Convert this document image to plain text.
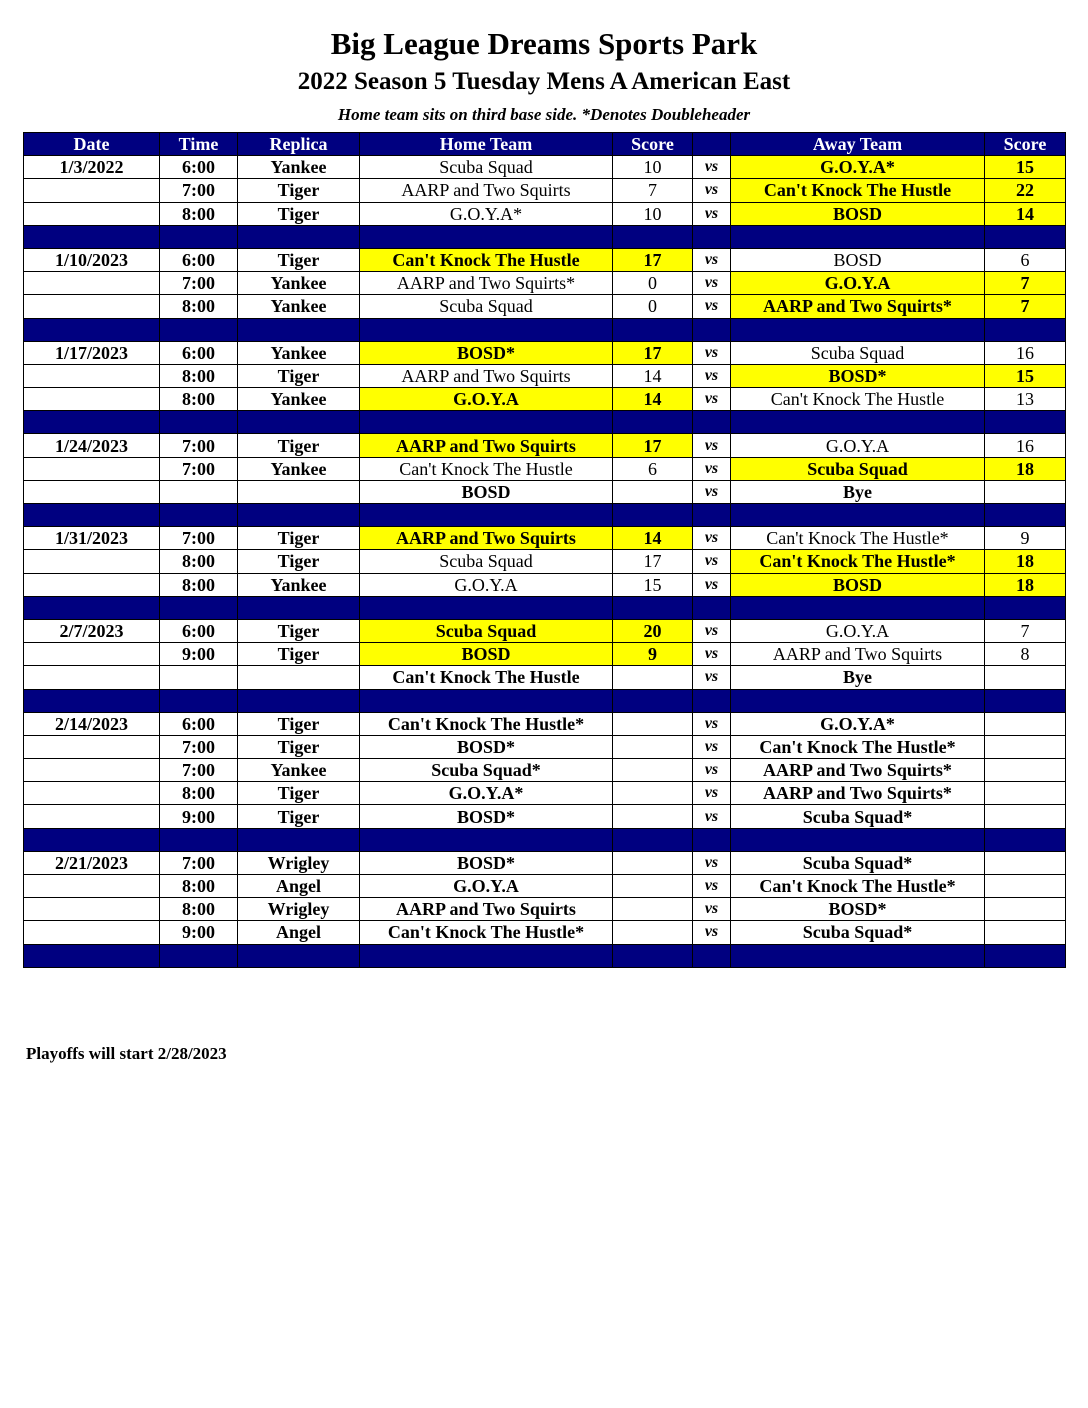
Big League Dreams Sports Park
2022 Season 5 Tuesday Mens A American East
Home team sits on third base side. *Denotes Doubleheader
Date	Time	Replica	Home Team	Score		Away Team	Score
1/3/2022	6:00	Yankee	Scuba Squad	10	vs	G.O.Y.A*	15
	7:00	Tiger	AARP and Two Squirts	7	vs	Can't Knock The Hustle	22
	8:00	Tiger	G.O.Y.A*	10	vs	BOSD	14

1/10/2023	6:00	Tiger	Can't Knock The Hustle	17	vs	BOSD	6
	7:00	Yankee	AARP and Two Squirts*	0	vs	G.O.Y.A	7
	8:00	Yankee	Scuba Squad	0	vs	AARP and Two Squirts*	7

1/17/2023	6:00	Yankee	BOSD*	17	vs	Scuba Squad	16
	8:00	Tiger	AARP and Two Squirts	14	vs	BOSD*	15
	8:00	Yankee	G.O.Y.A	14	vs	Can't Knock The Hustle	13

1/24/2023	7:00	Tiger	AARP and Two Squirts	17	vs	G.O.Y.A	16
	7:00	Yankee	Can't Knock The Hustle	6	vs	Scuba Squad	18
			BOSD		vs	Bye	

1/31/2023	7:00	Tiger	AARP and Two Squirts	14	vs	Can't Knock The Hustle*	9
	8:00	Tiger	Scuba Squad	17	vs	Can't Knock The Hustle*	18
	8:00	Yankee	G.O.Y.A	15	vs	BOSD	18

2/7/2023	6:00	Tiger	Scuba Squad	20	vs	G.O.Y.A	7
	9:00	Tiger	BOSD	9	vs	AARP and Two Squirts	8
			Can't Knock The Hustle		vs	Bye	

2/14/2023	6:00	Tiger	Can't Knock The Hustle*		vs	G.O.Y.A*	
	7:00	Tiger	BOSD*		vs	Can't Knock The Hustle*	
	7:00	Yankee	Scuba Squad*		vs	AARP and Two Squirts*	
	8:00	Tiger	G.O.Y.A*		vs	AARP and Two Squirts*	
	9:00	Tiger	BOSD*		vs	Scuba Squad*	

2/21/2023	7:00	Wrigley	BOSD*		vs	Scuba Squad*	
	8:00	Angel	G.O.Y.A		vs	Can't Knock The Hustle*	
	8:00	Wrigley	AARP and Two Squirts		vs	BOSD*	
	9:00	Angel	Can't Knock The Hustle*		vs	Scuba Squad*	

Playoffs will start 2/28/2023
